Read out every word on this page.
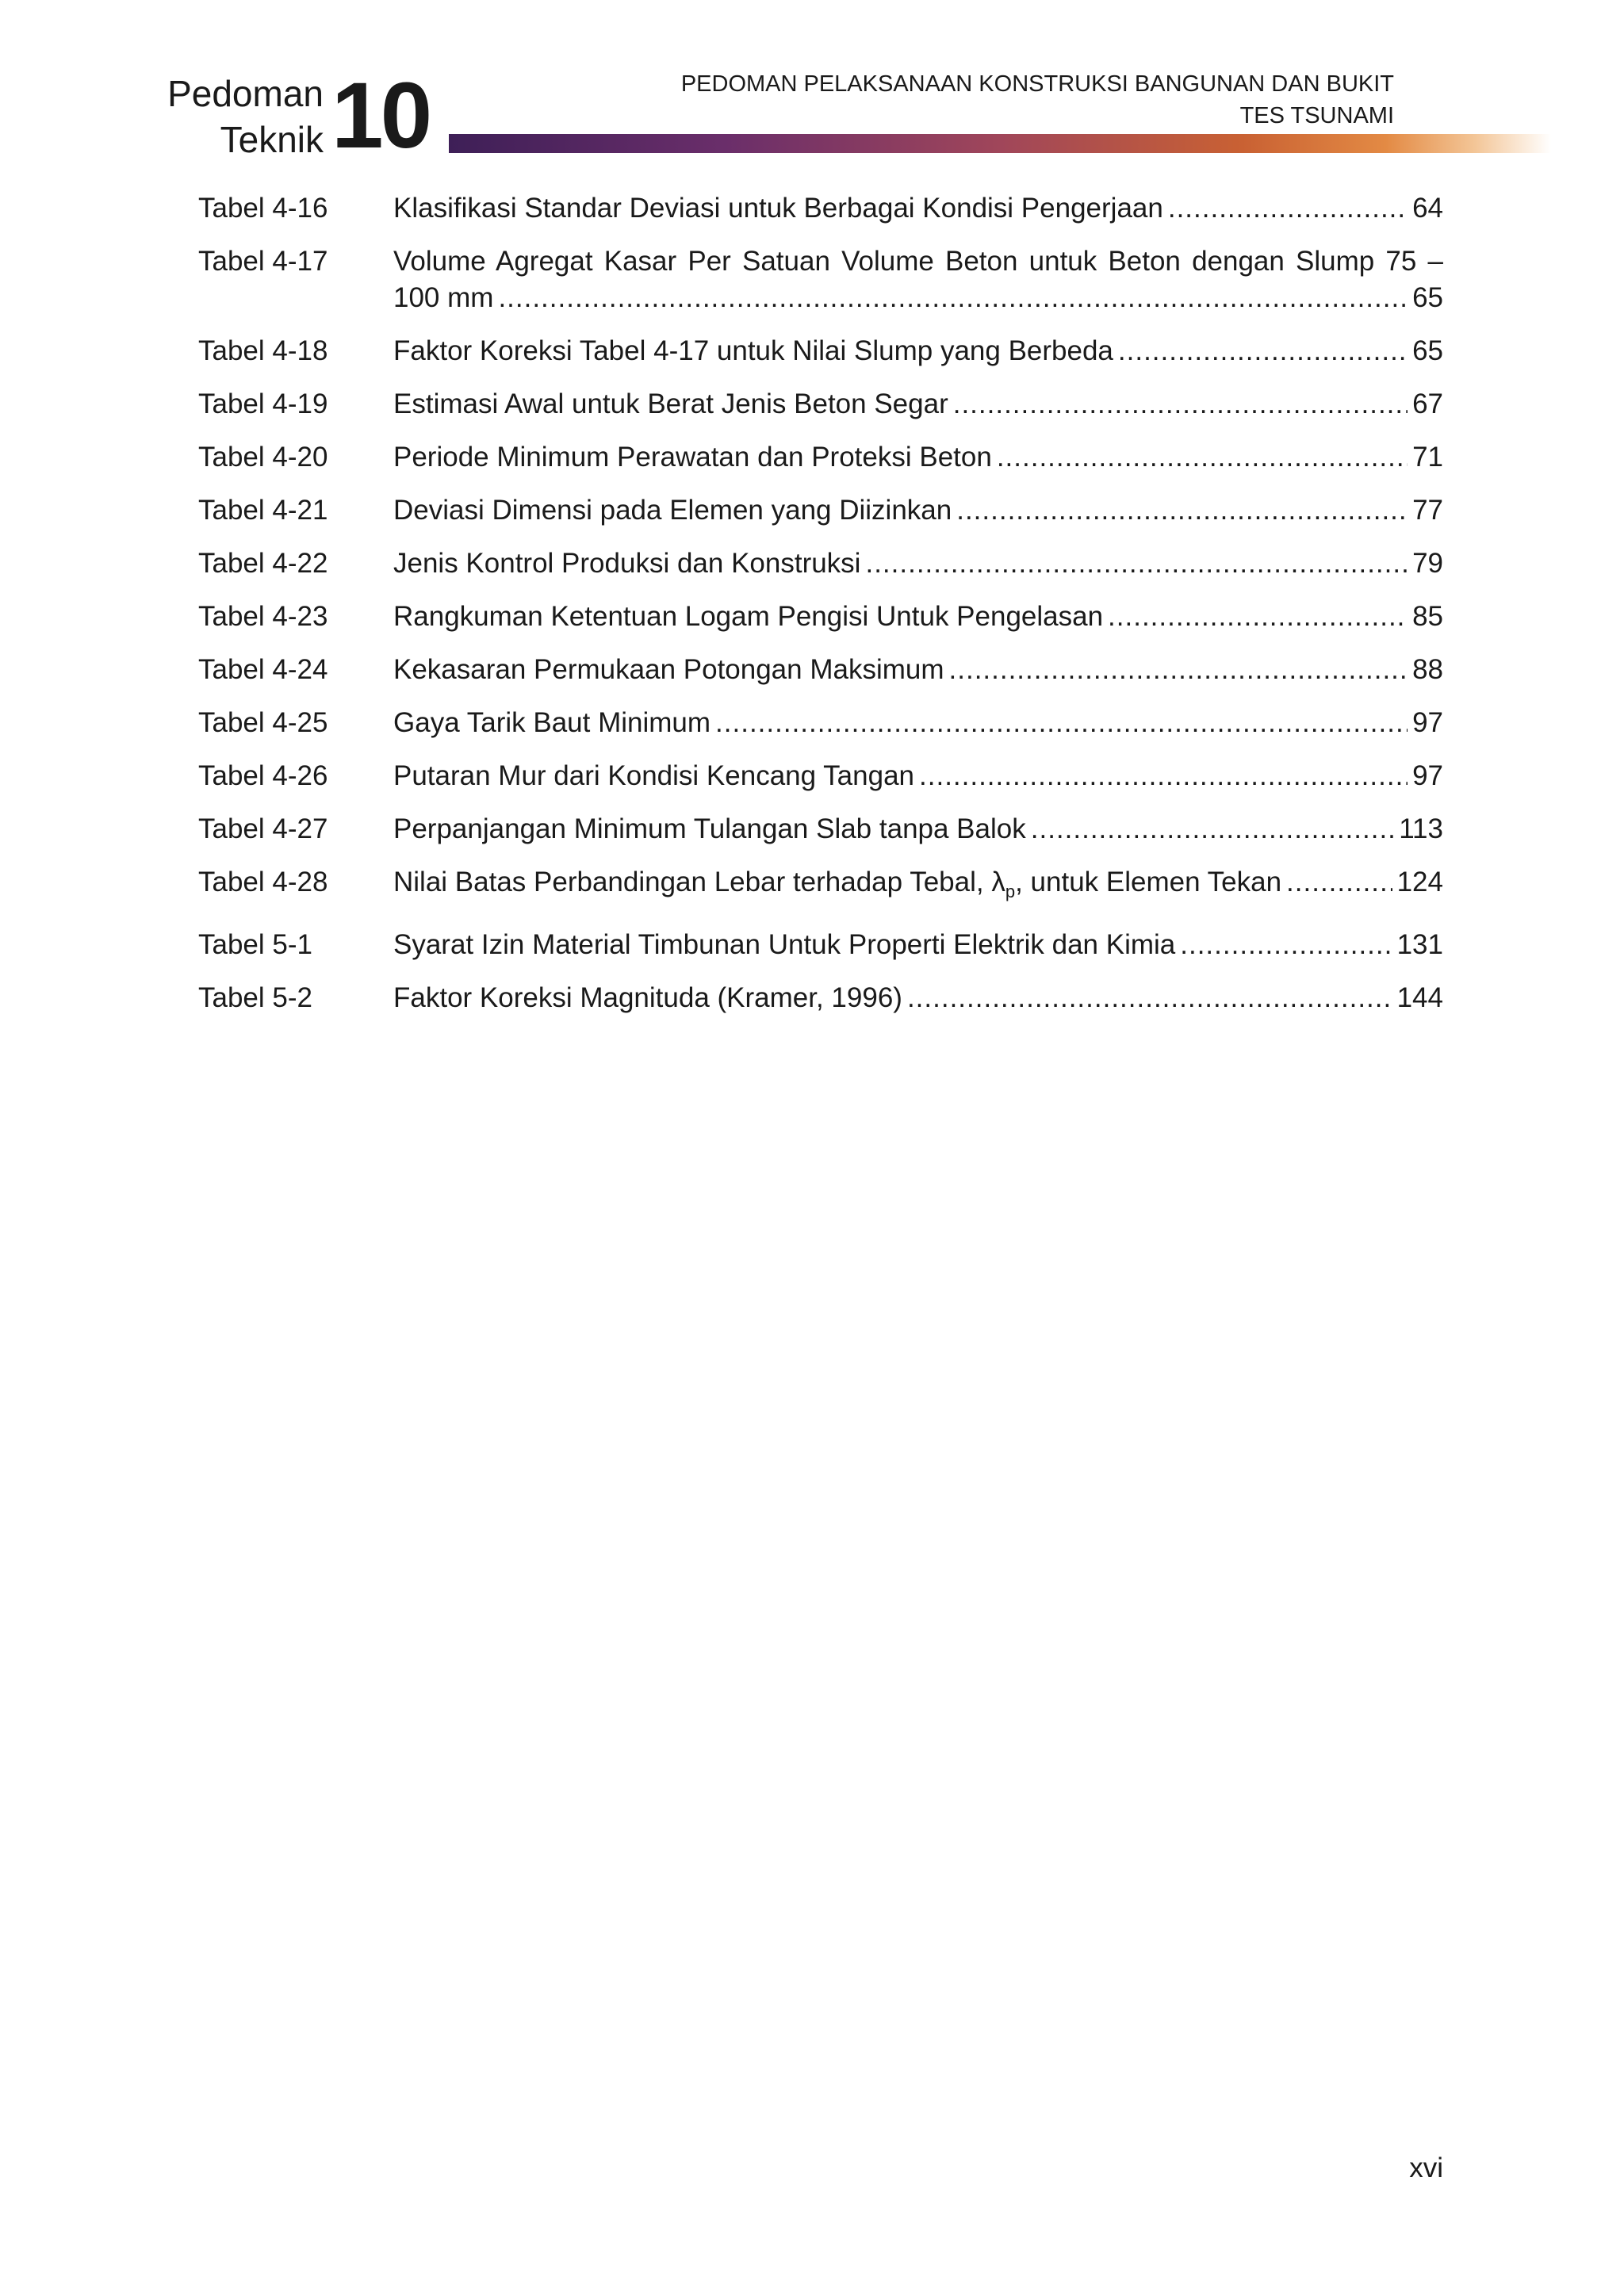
Pedoman
Teknik 10	PEDOMAN PELAKSANAAN KONSTRUKSI BANGUNAN DAN BUKIT
TES TSUNAMI
Tabel 4-16 Klasifikasi Standar Deviasi untuk Berbagai Kondisi Pengerjaan .....	64
Tabel 4-17 Volume Agregat Kasar Per Satuan Volume Beton untuk Beton dengan Slump 75 –
100 mm .....	65
Tabel 4-18 Faktor Koreksi Tabel 4-17 untuk Nilai Slump yang Berbeda .....	65
Tabel 4-19 Estimasi Awal untuk Berat Jenis Beton Segar .....	67
Tabel 4-20 Periode Minimum Perawatan dan Proteksi Beton .....	71
Tabel 4-21 Deviasi Dimensi pada Elemen yang Diizinkan .....	77
Tabel 4-22 Jenis Kontrol Produksi dan Konstruksi .....	79
Tabel 4-23 Rangkuman Ketentuan Logam Pengisi Untuk Pengelasan .....	85
Tabel 4-24 Kekasaran Permukaan Potongan Maksimum .....	88
Tabel 4-25 Gaya Tarik Baut Minimum .....	97
Tabel 4-26 Putaran Mur dari Kondisi Kencang Tangan .....	97
Tabel 4-27 Perpanjangan Minimum Tulangan Slab tanpa Balok .....	113
Tabel 4-28 Nilai Batas Perbandingan Lebar terhadap Tebal, $\lambda_p$, untuk Elemen Tekan .....	124
Tabel 5-1	Syarat Izin Material Timbunan Untuk Properti Elektrik dan Kimia .....	131
Tabel 5-2	Faktor Koreksi Magnituda (Kramer, 1996) .....	144
xvi
